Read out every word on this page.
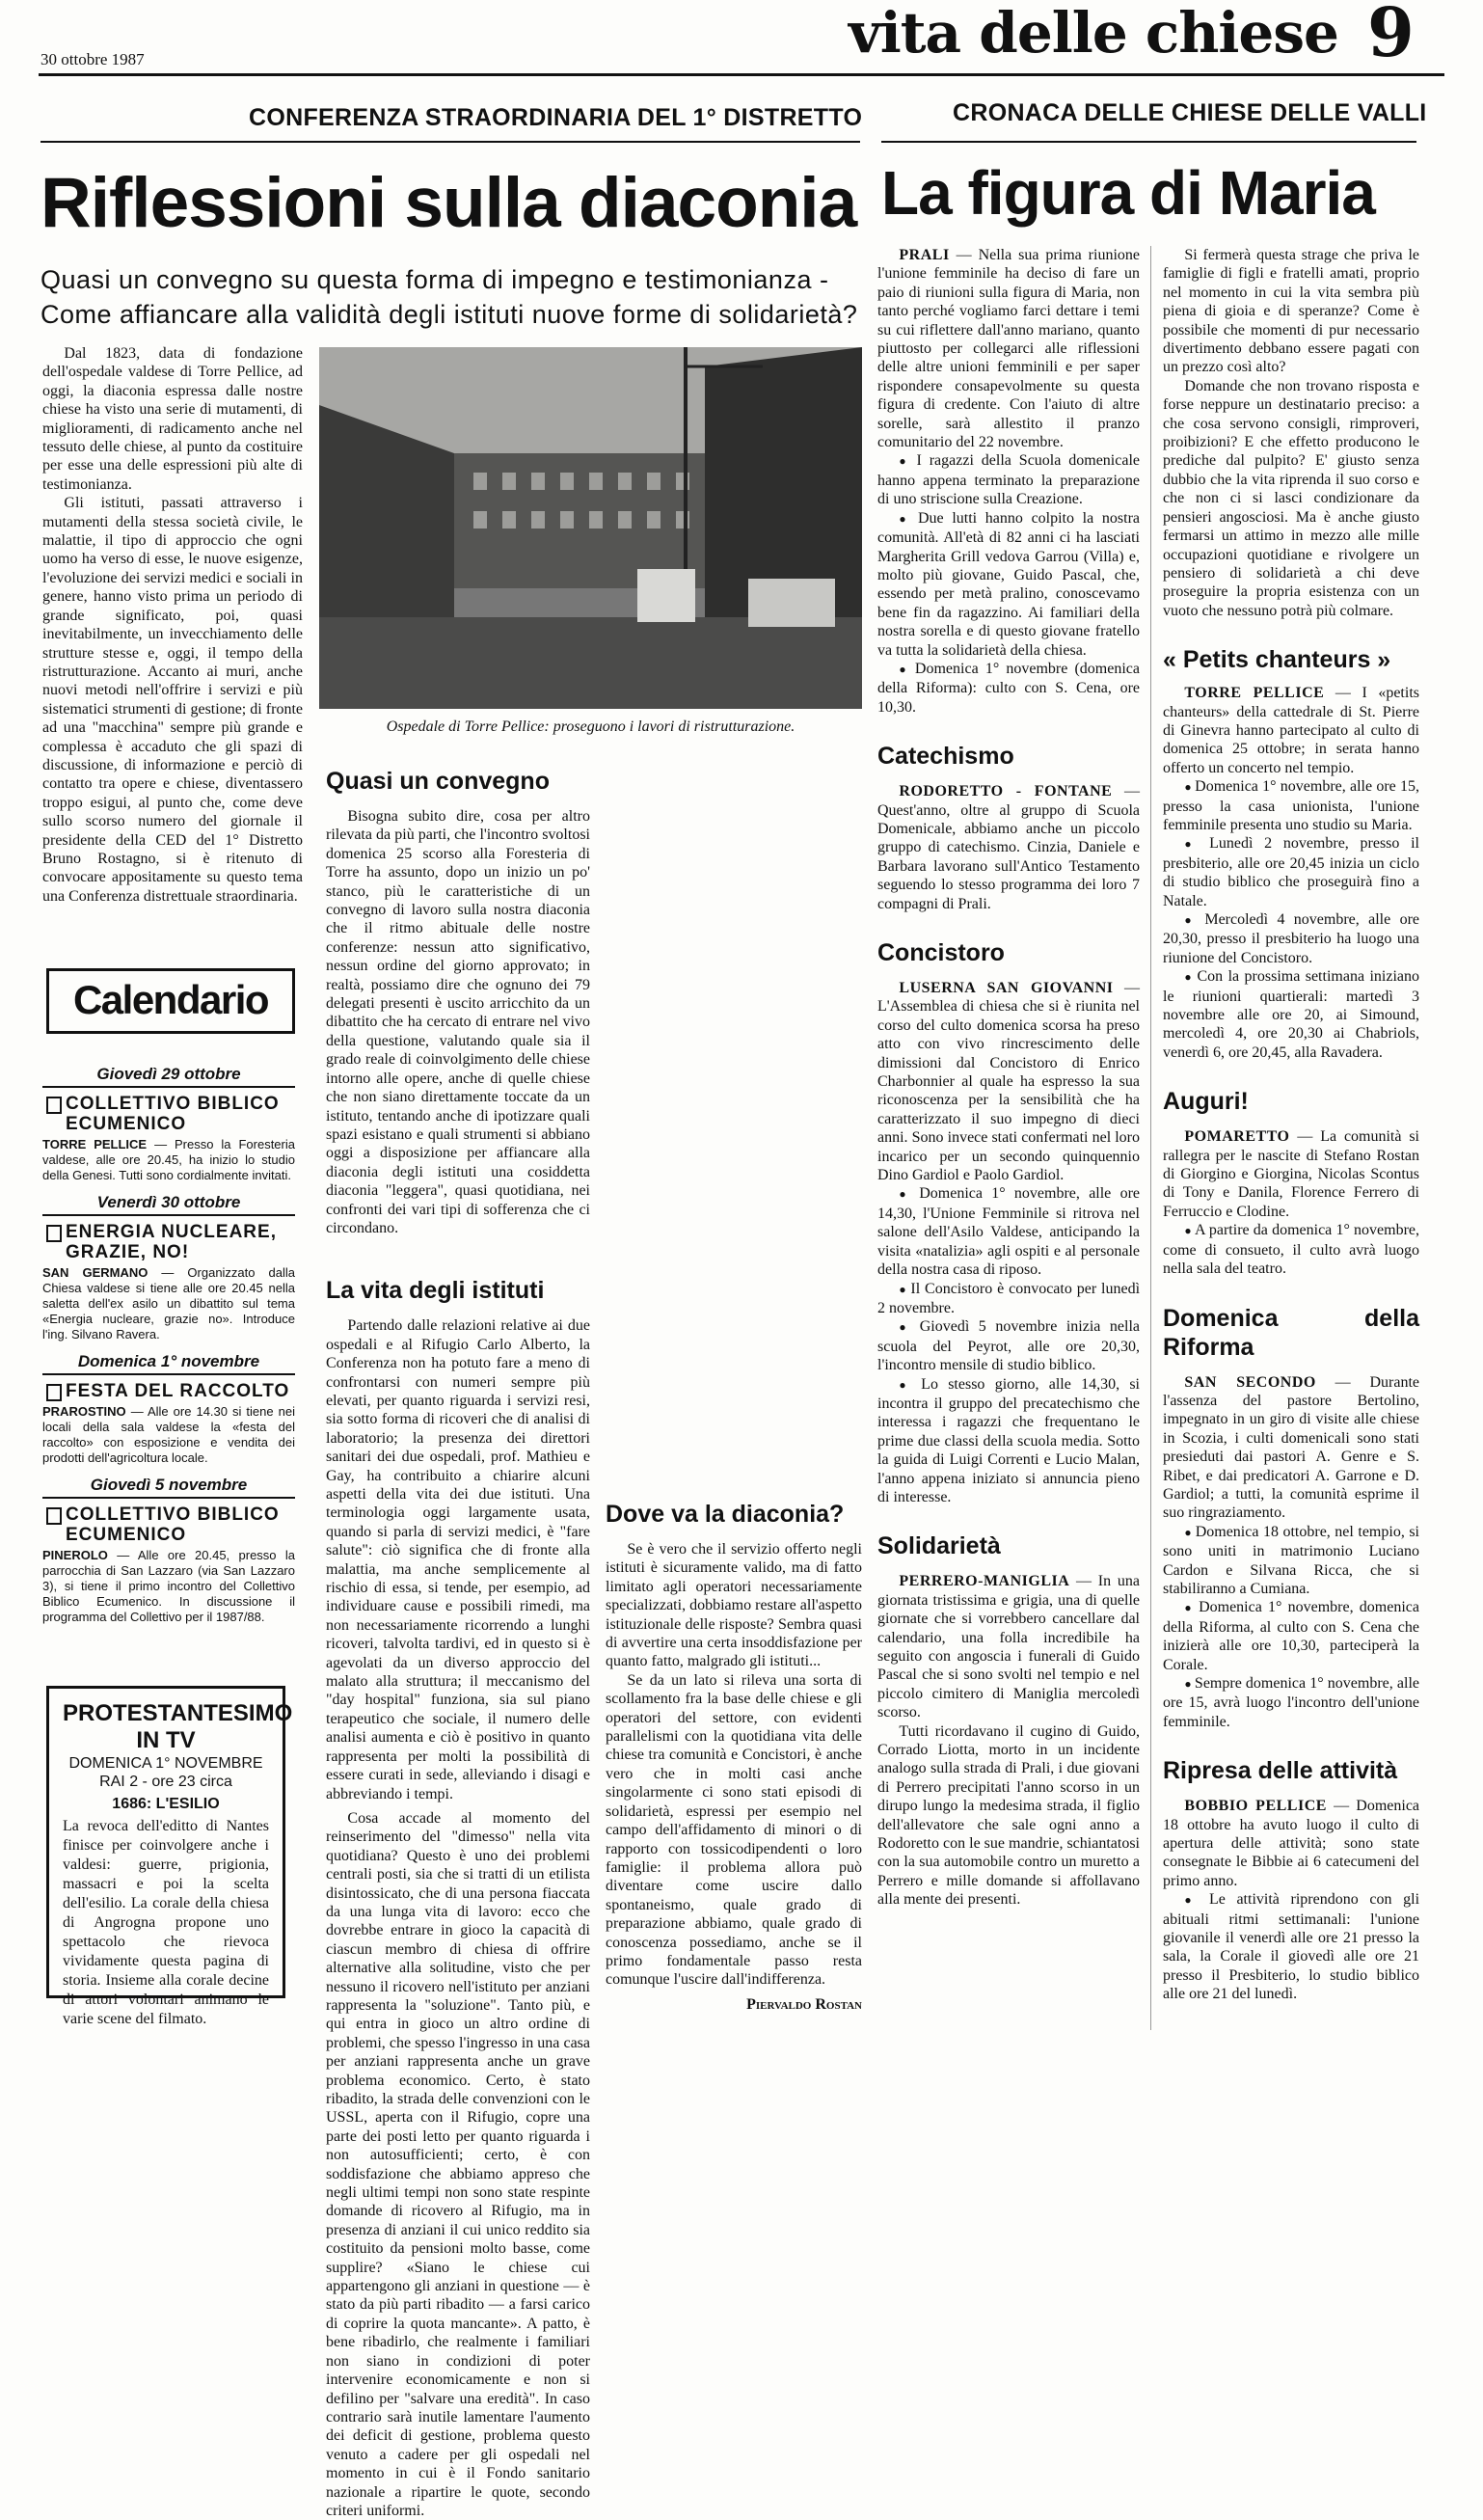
30 ottobre 1987	vita delle chiese 9
CONFERENZA STRAORDINARIA DEL 1° DISTRETTO	CRONACA DELLE CHIESE DELLE VALLI
Riflessioni sulla diaconia La figura di Maria
Quasi un convegno su questa forma di impegno e testimonianza - Come affiancare alla validità degli istituti nuove forme di solidarietà?

Dal 1823, data di fondazione dell'ospedale valdese di Torre Pellice, ad oggi, la diaconia espressa dalle nostre chiese ha visto una serie di mutamenti, di miglioramenti, di radicamento anche nel tessuto delle chiese, al punto da costituire per esse una delle espressioni più alte di testimonianza.

Gli istituti, passati attraverso i mutamenti della stessa società civile, le malattie, il tipo di approccio che ogni uomo ha verso di esse, le nuove esigenze, l'evoluzione dei servizi medici e sociali in genere, hanno visto prima un periodo di grande significato, poi, quasi inevitabilmente, un invecchiamento delle strutture stesse e, oggi, il tempo della ristrutturazione. Accanto ai muri, anche nuovi metodi nell'offrire i servizi e più sistematici strumenti di gestione; di fronte ad una "macchina" sempre più grande e complessa è accaduto che gli spazi di discussione, di informazione e perciò di contatto tra opere e chiese, diventassero troppo esigui, al punto che, come deve sullo scorso numero del giornale il presidente della CED del 1° Distretto Bruno Rostagno, si è ritenuto di convocare appositamente su questo tema una Conferenza distrettuale straordinaria.

Ospedale di Torre Pellice: proseguono i lavori di ristrutturazione.
Quasi un convegno

Bisogna subito dire, cosa per altro rilevata da più parti, che l'incontro svoltosi domenica 25 scorso alla Foresteria di Torre ha assunto, dopo un inizio un po' stanco, più le caratteristiche di un convegno di lavoro sulla nostra diaconia che il ritmo abituale delle nostre conferenze: nessun atto significativo, nessun ordine del giorno approvato; in realtà, possiamo dire che ognuno dei 79 delegati presenti è uscito arricchito da un dibattito che ha cercato di entrare nel vivo della questione, valutando quale sia il grado reale di coinvolgimento delle chiese intorno alle opere, anche di quelle chiese che non siano direttamente toccate da un istituto, tentando anche di ipotizzare quali spazi esistano e quali strumenti si abbiano oggi a disposizione per affiancare alla diaconia degli istituti una cosiddetta diaconia "leggera", quasi quotidiana, nei confronti dei vari tipi di sofferenza che ci circondano.

La vita degli istituti

Partendo dalle relazioni relative ai due ospedali e al Rifugio Carlo Alberto, la Conferenza non ha potuto fare a meno di confrontarsi con numeri sempre più elevati, per quanto riguarda i servizi resi, sia sotto forma di ricoveri che di analisi di laboratorio; la presenza dei direttori sanitari dei due ospedali, prof. Mathieu e Gay, ha contribuito a chiarire alcuni aspetti della vita dei due istituti. Una terminologia oggi largamente usata, quando si parla di servizi medici, è "fare salute": ciò significa che di fronte alla malattia, ma anche semplicemente al rischio di essa, si tende, per esempio, ad individuare cause e possibili rimedi, ma non necessariamente ricorrendo a lunghi ricoveri, talvolta tardivi, ed in questo si è agevolati da un diverso approccio del malato alla struttura; il meccanismo del "day hospital" funziona, sia sul piano terapeutico che sociale, il numero delle analisi aumenta e ciò è positivo in quanto rappresenta per molti la possibilità di essere curati in sede, alleviando i disagi e abbreviando i tempi.

Cosa accade al momento del reinserimento del "dimesso" nella vita quotidiana? Questo è uno dei problemi centrali posti, sia che si tratti di un etilista disintossicato, che di una persona fiaccata da una lunga vita di lavoro: ecco che dovrebbe entrare in gioco la capacità di ciascun membro di chiesa di offrire alternative alla solitudine, visto che per nessuno il ricovero nell'istituto per anziani rappresenta la "soluzione". Tanto più, e qui entra in gioco un altro ordine di problemi, che spesso l'ingresso in una casa per anziani rappresenta anche un grave problema economico. Certo, è stato ribadito, la strada delle convenzioni con le USSL, aperta con il Rifugio, copre una parte dei posti letto per quanto riguarda i non autosufficienti; certo, è con soddisfazione che abbiamo appreso che negli ultimi tempi non sono state respinte domande di ricovero al Rifugio, ma in presenza di anziani il cui unico reddito sia costituito da pensioni molto basse, come supplire? «Siano le chiese cui appartengono gli anziani in questione — è stato da più parti ribadito — a farsi carico di coprire la quota mancante». A patto, è bene ribadirlo, che realmente i familiari non siano in condizioni di poter intervenire economicamente e non si defilino per "salvare una eredità". In caso contrario sarà inutile lamentare l'aumento dei deficit di gestione, problema questo venuto a cadere per gli ospedali nel momento in cui è il Fondo sanitario nazionale a ripartire le quote, secondo criteri uniformi.

Dove va la diaconia?

Se è vero che il servizio offerto negli istituti è sicuramente valido, ma di fatto limitato agli operatori necessariamente specializzati, dobbiamo restare all'aspetto istituzionale delle risposte? Sembra quasi di avvertire una certa insoddisfazione per quanto fatto, malgrado gli istituti...

Se da un lato si rileva una sorta di scollamento fra la base delle chiese e gli operatori del settore, con evidenti parallelismi con la quotidiana vita delle chiese tra comunità e Concistori, è anche vero che in molti casi anche singolarmente ci sono stati episodi di solidarietà, espressi per esempio nel campo dell'affidamento di minori o di rapporto con tossicodipendenti o loro famiglie: il problema allora può diventare come uscire dallo spontaneismo, quale grado di preparazione abbiamo, quale grado di conoscenza possediamo, anche se il primo fondamentale passo resta comunque l'uscire dall'indifferenza.

Piervaldo Rostan
Calendario
Giovedì 29 ottobre
COLLETTIVO BIBLICO ECUMENICO
TORRE PELLICE — Presso la Foresteria valdese, alle ore 20.45, ha inizio lo studio della Genesi. Tutti sono cordialmente invitati.
Venerdì 30 ottobre
ENERGIA NUCLEARE, GRAZIE, NO!
SAN GERMANO — Organizzato dalla Chiesa valdese si tiene alle ore 20.45 nella saletta dell'ex asilo un dibattito sul tema «Energia nucleare, grazie no». Introduce l'ing. Silvano Ravera.
Domenica 1° novembre
FESTA DEL RACCOLTO
PRAROSTINO — Alle ore 14.30 si tiene nei locali della sala valdese la «festa del raccolto» con esposizione e vendita dei prodotti dell'agricoltura locale.
Giovedì 5 novembre
COLLETTIVO BIBLICO ECUMENICO
PINEROLO — Alle ore 20.45, presso la parrocchia di San Lazzaro (via San Lazzaro 3), si tiene il primo incontro del Collettivo Biblico Ecumenico. In discussione il programma del Collettivo per il 1987/88.
PROTESTANTESIMO IN TV
DOMENICA 1° NOVEMBRE
RAI 2 - ore 23 circa
1686: L'ESILIO
La revoca dell'editto di Nantes finisce per coinvolgere anche i valdesi: guerre, prigionia, massacri e poi la scelta dell'esilio. La corale della chiesa di Angrogna propone uno spettacolo che rievoca vividamente questa pagina di storia. Insieme alla corale decine di attori volontari animano le varie scene del filmato.

PRALI — Nella sua prima riunione l'unione femminile ha deciso di fare un paio di riunioni sulla figura di Maria, non tanto perché vogliamo farci dettare i temi su cui riflettere dall'anno mariano, quanto piuttosto per collegarci alle riflessioni delle altre unioni femminili e per saper rispondere consapevolmente su questa figura di credente. Con l'aiuto di altre sorelle, sarà allestito il pranzo comunitario del 22 novembre.

● I ragazzi della Scuola domenicale hanno appena terminato la preparazione di uno striscione sulla Creazione.

● Due lutti hanno colpito la nostra comunità. All'età di 82 anni ci ha lasciati Margherita Grill vedova Garrou (Villa) e, molto più giovane, Guido Pascal, che, essendo per metà pralino, conoscevamo bene fin da ragazzino. Ai familiari della nostra sorella e di questo giovane fratello va tutta la solidarietà della chiesa.

● Domenica 1° novembre (domenica della Riforma): culto con S. Cena, ore 10,30.

Catechismo

RODORETTO - FONTANE — Quest'anno, oltre al gruppo di Scuola Domenicale, abbiamo anche un piccolo gruppo di catechismo. Cinzia, Daniele e Barbara lavorano sull'Antico Testamento seguendo lo stesso programma dei loro 7 compagni di Prali.

Concistoro

LUSERNA SAN GIOVANNI — L'Assemblea di chiesa che si è riunita nel corso del culto domenica scorsa ha preso atto con vivo rincrescimento delle dimissioni dal Concistoro di Enrico Charbonnier al quale ha espresso la sua riconoscenza per la sensibilità che ha caratterizzato il suo impegno di dieci anni. Sono invece stati confermati nel loro incarico per un secondo quinquennio Dino Gardiol e Paolo Gardiol.

● Domenica 1° novembre, alle ore 14,30, l'Unione Femminile si ritrova nel salone dell'Asilo Valdese, anticipando la visita «natalizia» agli ospiti e al personale della nostra casa di riposo.

● Il Concistoro è convocato per lunedì 2 novembre.

● Giovedì 5 novembre inizia nella scuola del Peyrot, alle ore 20,30, l'incontro mensile di studio biblico.

● Lo stesso giorno, alle 14,30, si incontra il gruppo del precatechismo che interessa i ragazzi che frequentano le prime due classi della scuola media. Sotto la guida di Luigi Correnti e Lucio Malan, l'anno appena iniziato si annuncia pieno di interesse.

Solidarietà

PERRERO-MANIGLIA — In una giornata tristissima e grigia, una di quelle giornate che si vorrebbero cancellare dal calendario, una folla incredibile ha seguito con angoscia i funerali di Guido Pascal che si sono svolti nel tempio e nel piccolo cimitero di Maniglia mercoledì scorso.

Tutti ricordavano il cugino di Guido, Corrado Liotta, morto in un incidente analogo sulla strada di Prali, i due giovani di Perrero precipitati l'anno scorso in un dirupo lungo la medesima strada, il figlio dell'allevatore che sale ogni anno a Rodoretto con le sue mandrie, schiantatosi con la sua automobile contro un muretto a Perrero e mille domande si affollavano alla mente dei presenti.

Si fermerà questa strage che priva le famiglie di figli e fratelli amati, proprio nel momento in cui la vita sembra più piena di gioia e di speranze? Come è possibile che momenti di pur necessario divertimento debbano essere pagati con un prezzo così alto?

Domande che non trovano risposta e forse neppure un destinatario preciso: a che cosa servono consigli, rimproveri, proibizioni? E che effetto producono le prediche dal pulpito? E' giusto senza dubbio che la vita riprenda il suo corso e che non ci si lasci condizionare da pensieri angosciosi. Ma è anche giusto fermarsi un attimo in mezzo alle mille occupazioni quotidiane e rivolgere un pensiero di solidarietà a chi deve proseguire la propria esistenza con un vuoto che nessuno potrà più colmare.

« Petits chanteurs »

TORRE PELLICE — I «petits chanteurs» della cattedrale di St. Pierre di Ginevra hanno partecipato al culto di domenica 25 ottobre; in serata hanno offerto un concerto nel tempio.

● Domenica 1° novembre, alle ore 15, presso la casa unionista, l'unione femminile presenta uno studio su Maria.

● Lunedì 2 novembre, presso il presbiterio, alle ore 20,45 inizia un ciclo di studio biblico che proseguirà fino a Natale.

● Mercoledì 4 novembre, alle ore 20,30, presso il presbiterio ha luogo una riunione del Concistoro.

● Con la prossima settimana iniziano le riunioni quartierali: martedì 3 novembre alle ore 20, ai Simound, mercoledì 4, ore 20,30 ai Chabriols, venerdì 6, ore 20,45, alla Ravadera.

Auguri!

POMARETTO — La comunità si rallegra per le nascite di Stefano Rostan di Giorgino e Giorgina, Nicolas Scontus di Tony e Danila, Florence Ferrero di Ferruccio e Clodine.

● A partire da domenica 1° novembre, come di consueto, il culto avrà luogo nella sala del teatro.

Domenica della Riforma

SAN SECONDO — Durante l'assenza del pastore Bertolino, impegnato in un giro di visite alle chiese in Scozia, i culti domenicali sono stati presieduti dai pastori A. Genre e S. Ribet, e dai predicatori A. Garrone e D. Gardiol; a tutti, la comunità esprime il suo ringraziamento.

● Domenica 18 ottobre, nel tempio, si sono uniti in matrimonio Luciano Cardon e Silvana Ricca, che si stabiliranno a Cumiana.

● Domenica 1° novembre, domenica della Riforma, al culto con S. Cena che inizierà alle ore 10,30, parteciperà la Corale.

● Sempre domenica 1° novembre, alle ore 15, avrà luogo l'incontro dell'unione femminile.

Ripresa delle attività

BOBBIO PELLICE — Domenica 18 ottobre ha avuto luogo il culto di apertura delle attività; sono state consegnate le Bibbie ai 6 catecumeni del primo anno.

● Le attività riprendono con gli abituali ritmi settimanali: l'unione giovanile il venerdì alle ore 21 presso la sala, la Corale il giovedì alle ore 21 presso il Presbiterio, lo studio biblico alle ore 21 del lunedì.
